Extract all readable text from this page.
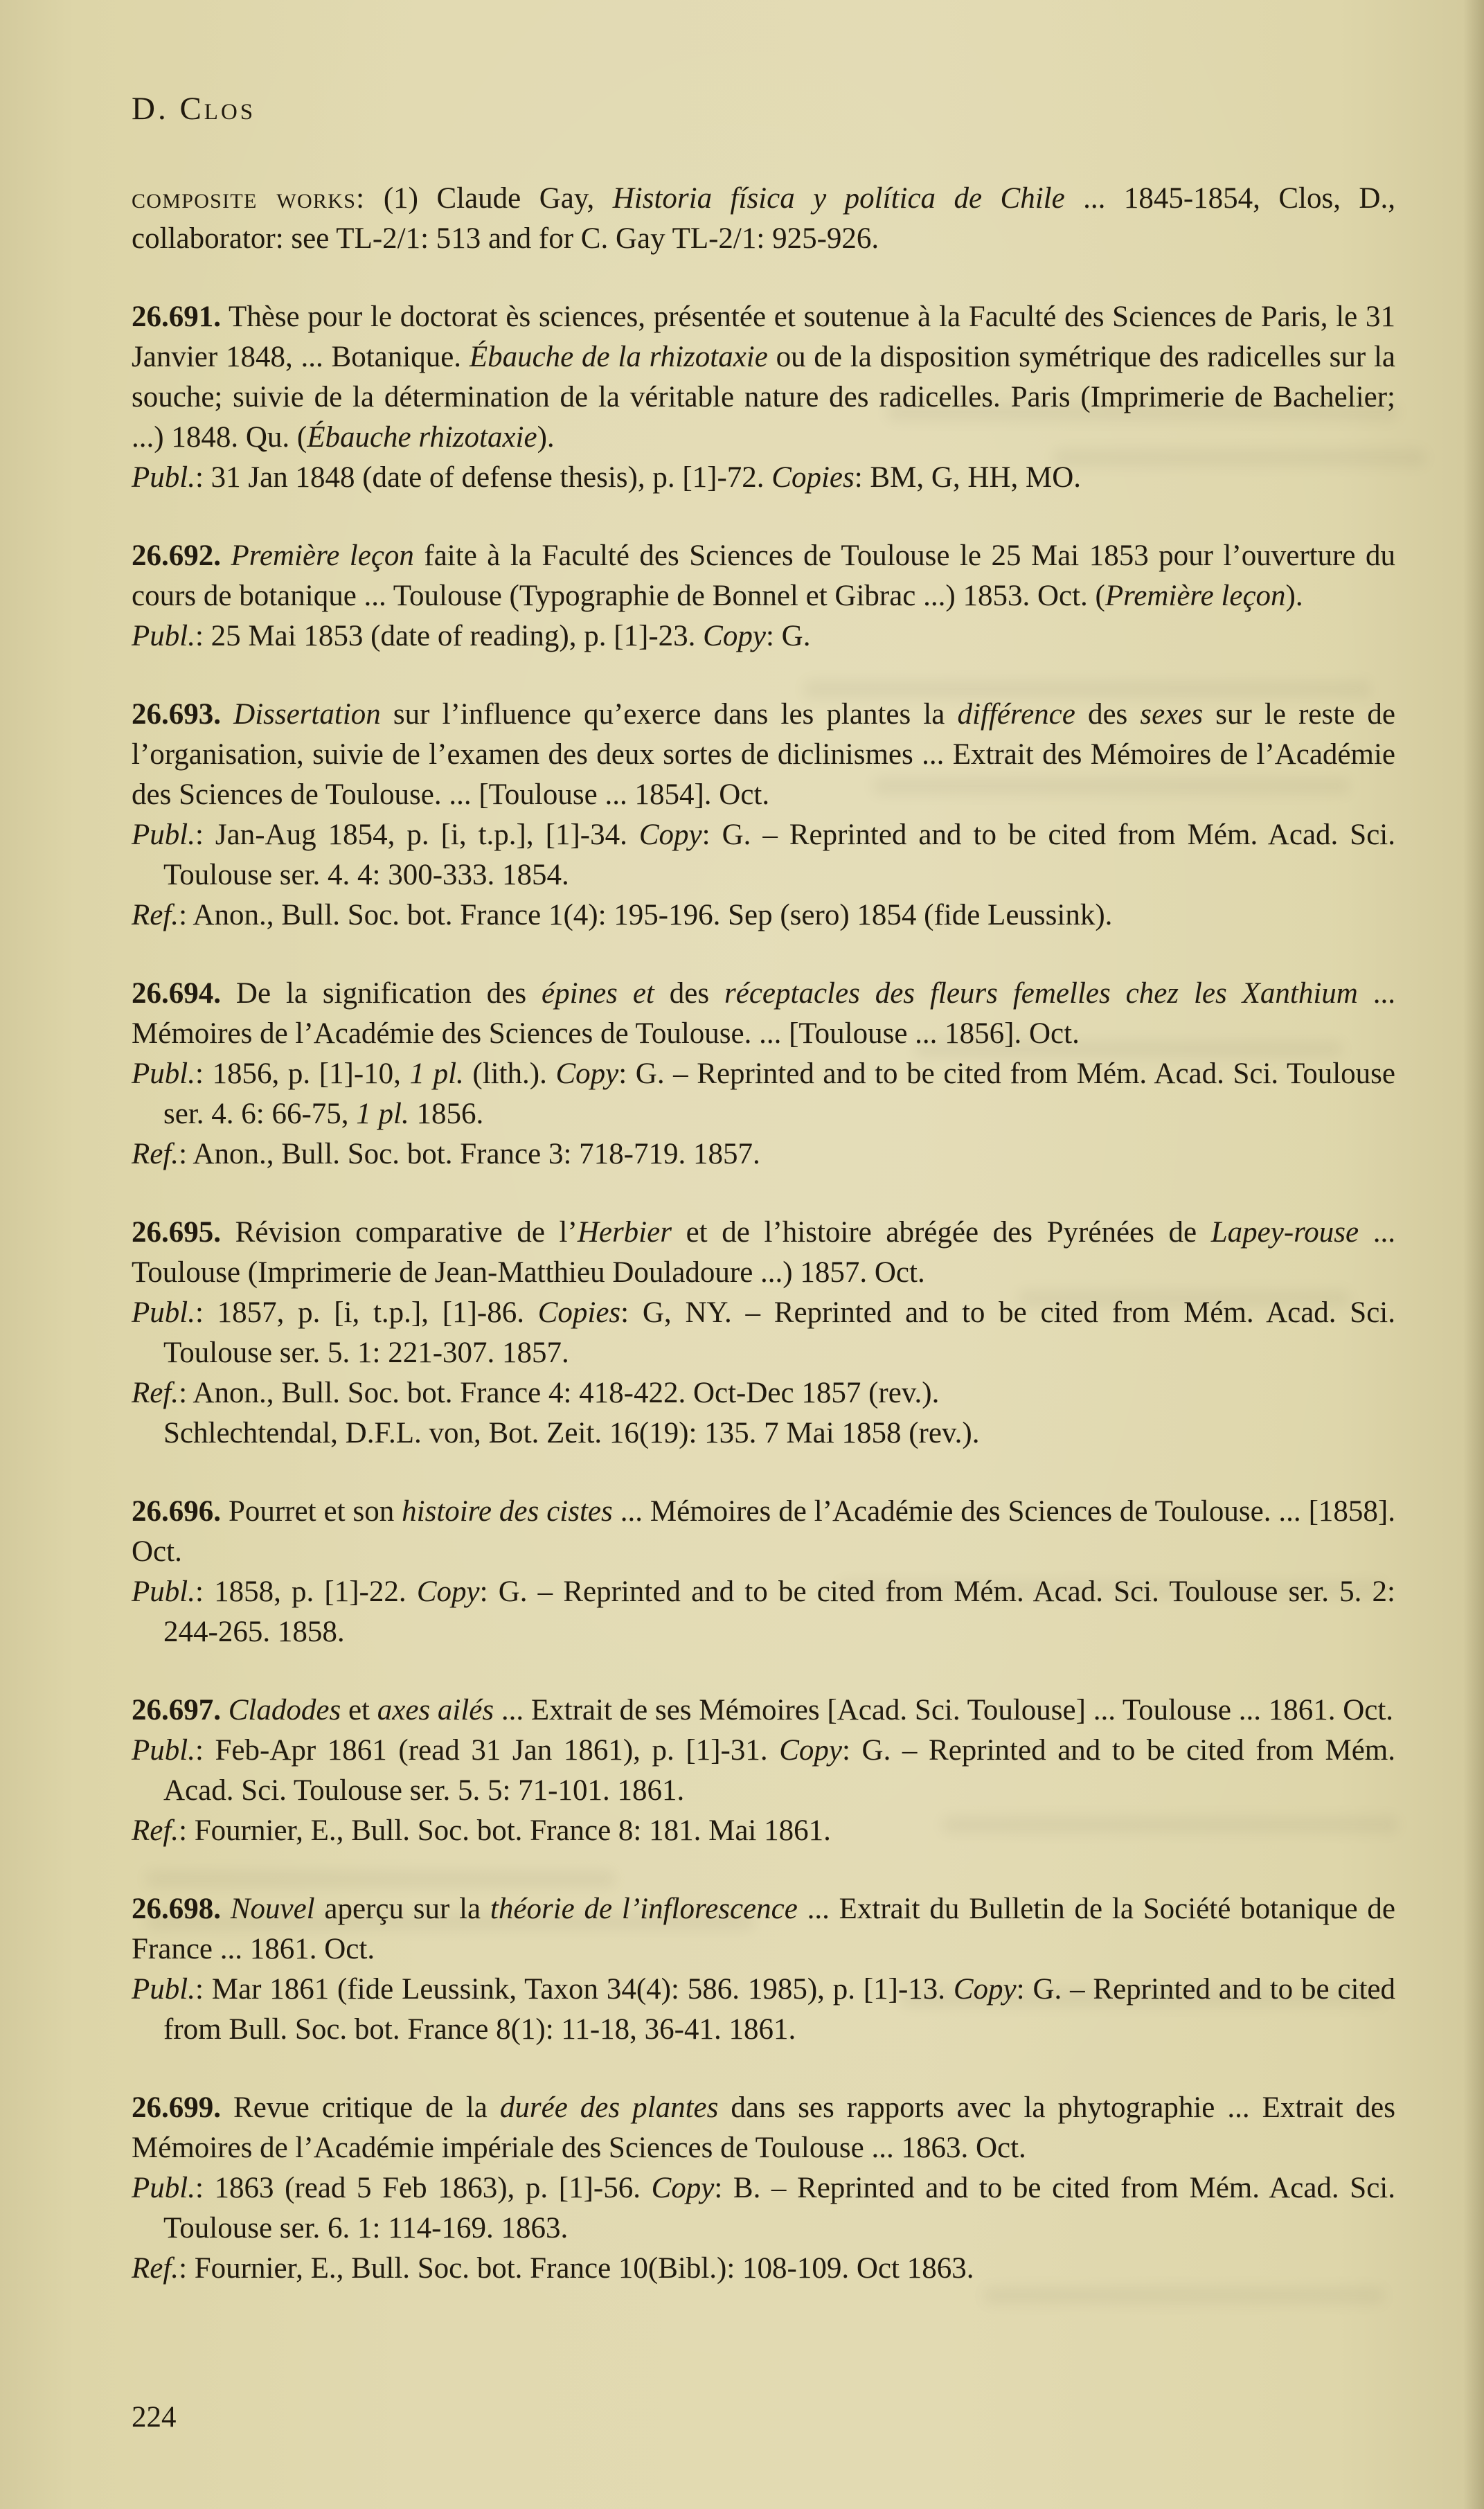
D. Clos

composite works: (1) Claude Gay, Historia física y política de Chile ... 1845-1854, Clos, D., collaborator: see TL-2/1: 513 and for C. Gay TL-2/1: 925-926.

26.691. Thèse pour le doctorat ès sciences, présentée et soutenue à la Faculté des Sciences de Paris, le 31 Janvier 1848, ... Botanique. Ébauche de la rhizotaxie ou de la disposition symétrique des radicelles sur la souche; suivie de la détermination de la véritable nature des radicelles. Paris (Imprimerie de Bachelier; ...) 1848. Qu. (Ébauche rhizotaxie).

Publ.: 31 Jan 1848 (date of defense thesis), p. [1]-72. Copies: BM, G, HH, MO.

26.692. Première leçon faite à la Faculté des Sciences de Toulouse le 25 Mai 1853 pour l’ouverture du cours de botanique ... Toulouse (Typographie de Bonnel et Gibrac ...) 1853. Oct. (Première leçon).

Publ.: 25 Mai 1853 (date of reading), p. [1]-23. Copy: G.

26.693. Dissertation sur l’influence qu’exerce dans les plantes la différence des sexes sur le reste de l’organisation, suivie de l’examen des deux sortes de diclinismes ... Extrait des Mémoires de l’Académie des Sciences de Toulouse. ... [Toulouse ... 1854]. Oct.

Publ.: Jan-Aug 1854, p. [i, t.p.], [1]-34. Copy: G. – Reprinted and to be cited from Mém. Acad. Sci. Toulouse ser. 4. 4: 300-333. 1854.

Ref.: Anon., Bull. Soc. bot. France 1(4): 195-196. Sep (sero) 1854 (fide Leussink).

26.694. De la signification des épines et des réceptacles des fleurs femelles chez les Xanthium ... Mémoires de l’Académie des Sciences de Toulouse. ... [Toulouse ... 1856]. Oct.

Publ.: 1856, p. [1]-10, 1 pl. (lith.). Copy: G. – Reprinted and to be cited from Mém. Acad. Sci. Toulouse ser. 4. 6: 66-75, 1 pl. 1856.

Ref.: Anon., Bull. Soc. bot. France 3: 718-719. 1857.

26.695. Révision comparative de l’Herbier et de l’histoire abrégée des Pyrénées de Lapey-rouse ... Toulouse (Imprimerie de Jean-Matthieu Douladoure ...) 1857. Oct.

Publ.: 1857, p. [i, t.p.], [1]-86. Copies: G, NY. – Reprinted and to be cited from Mém. Acad. Sci. Toulouse ser. 5. 1: 221-307. 1857.

Ref.: Anon., Bull. Soc. bot. France 4: 418-422. Oct-Dec 1857 (rev.).
Schlechtendal, D.F.L. von, Bot. Zeit. 16(19): 135. 7 Mai 1858 (rev.).

26.696. Pourret et son histoire des cistes ... Mémoires de l’Académie des Sciences de Toulouse. ... [1858]. Oct.

Publ.: 1858, p. [1]-22. Copy: G. – Reprinted and to be cited from Mém. Acad. Sci. Toulouse ser. 5. 2: 244-265. 1858.

26.697. Cladodes et axes ailés ... Extrait de ses Mémoires [Acad. Sci. Toulouse] ... Toulouse ... 1861. Oct.

Publ.: Feb-Apr 1861 (read 31 Jan 1861), p. [1]-31. Copy: G. – Reprinted and to be cited from Mém. Acad. Sci. Toulouse ser. 5. 5: 71-101. 1861.

Ref.: Fournier, E., Bull. Soc. bot. France 8: 181. Mai 1861.

26.698. Nouvel aperçu sur la théorie de l’inflorescence ... Extrait du Bulletin de la Société botanique de France ... 1861. Oct.

Publ.: Mar 1861 (fide Leussink, Taxon 34(4): 586. 1985), p. [1]-13. Copy: G. – Reprinted and to be cited from Bull. Soc. bot. France 8(1): 11-18, 36-41. 1861.

26.699. Revue critique de la durée des plantes dans ses rapports avec la phytographie ... Extrait des Mémoires de l’Académie impériale des Sciences de Toulouse ... 1863. Oct.

Publ.: 1863 (read 5 Feb 1863), p. [1]-56. Copy: B. – Reprinted and to be cited from Mém. Acad. Sci. Toulouse ser. 6. 1: 114-169. 1863.

Ref.: Fournier, E., Bull. Soc. bot. France 10(Bibl.): 108-109. Oct 1863.

224
